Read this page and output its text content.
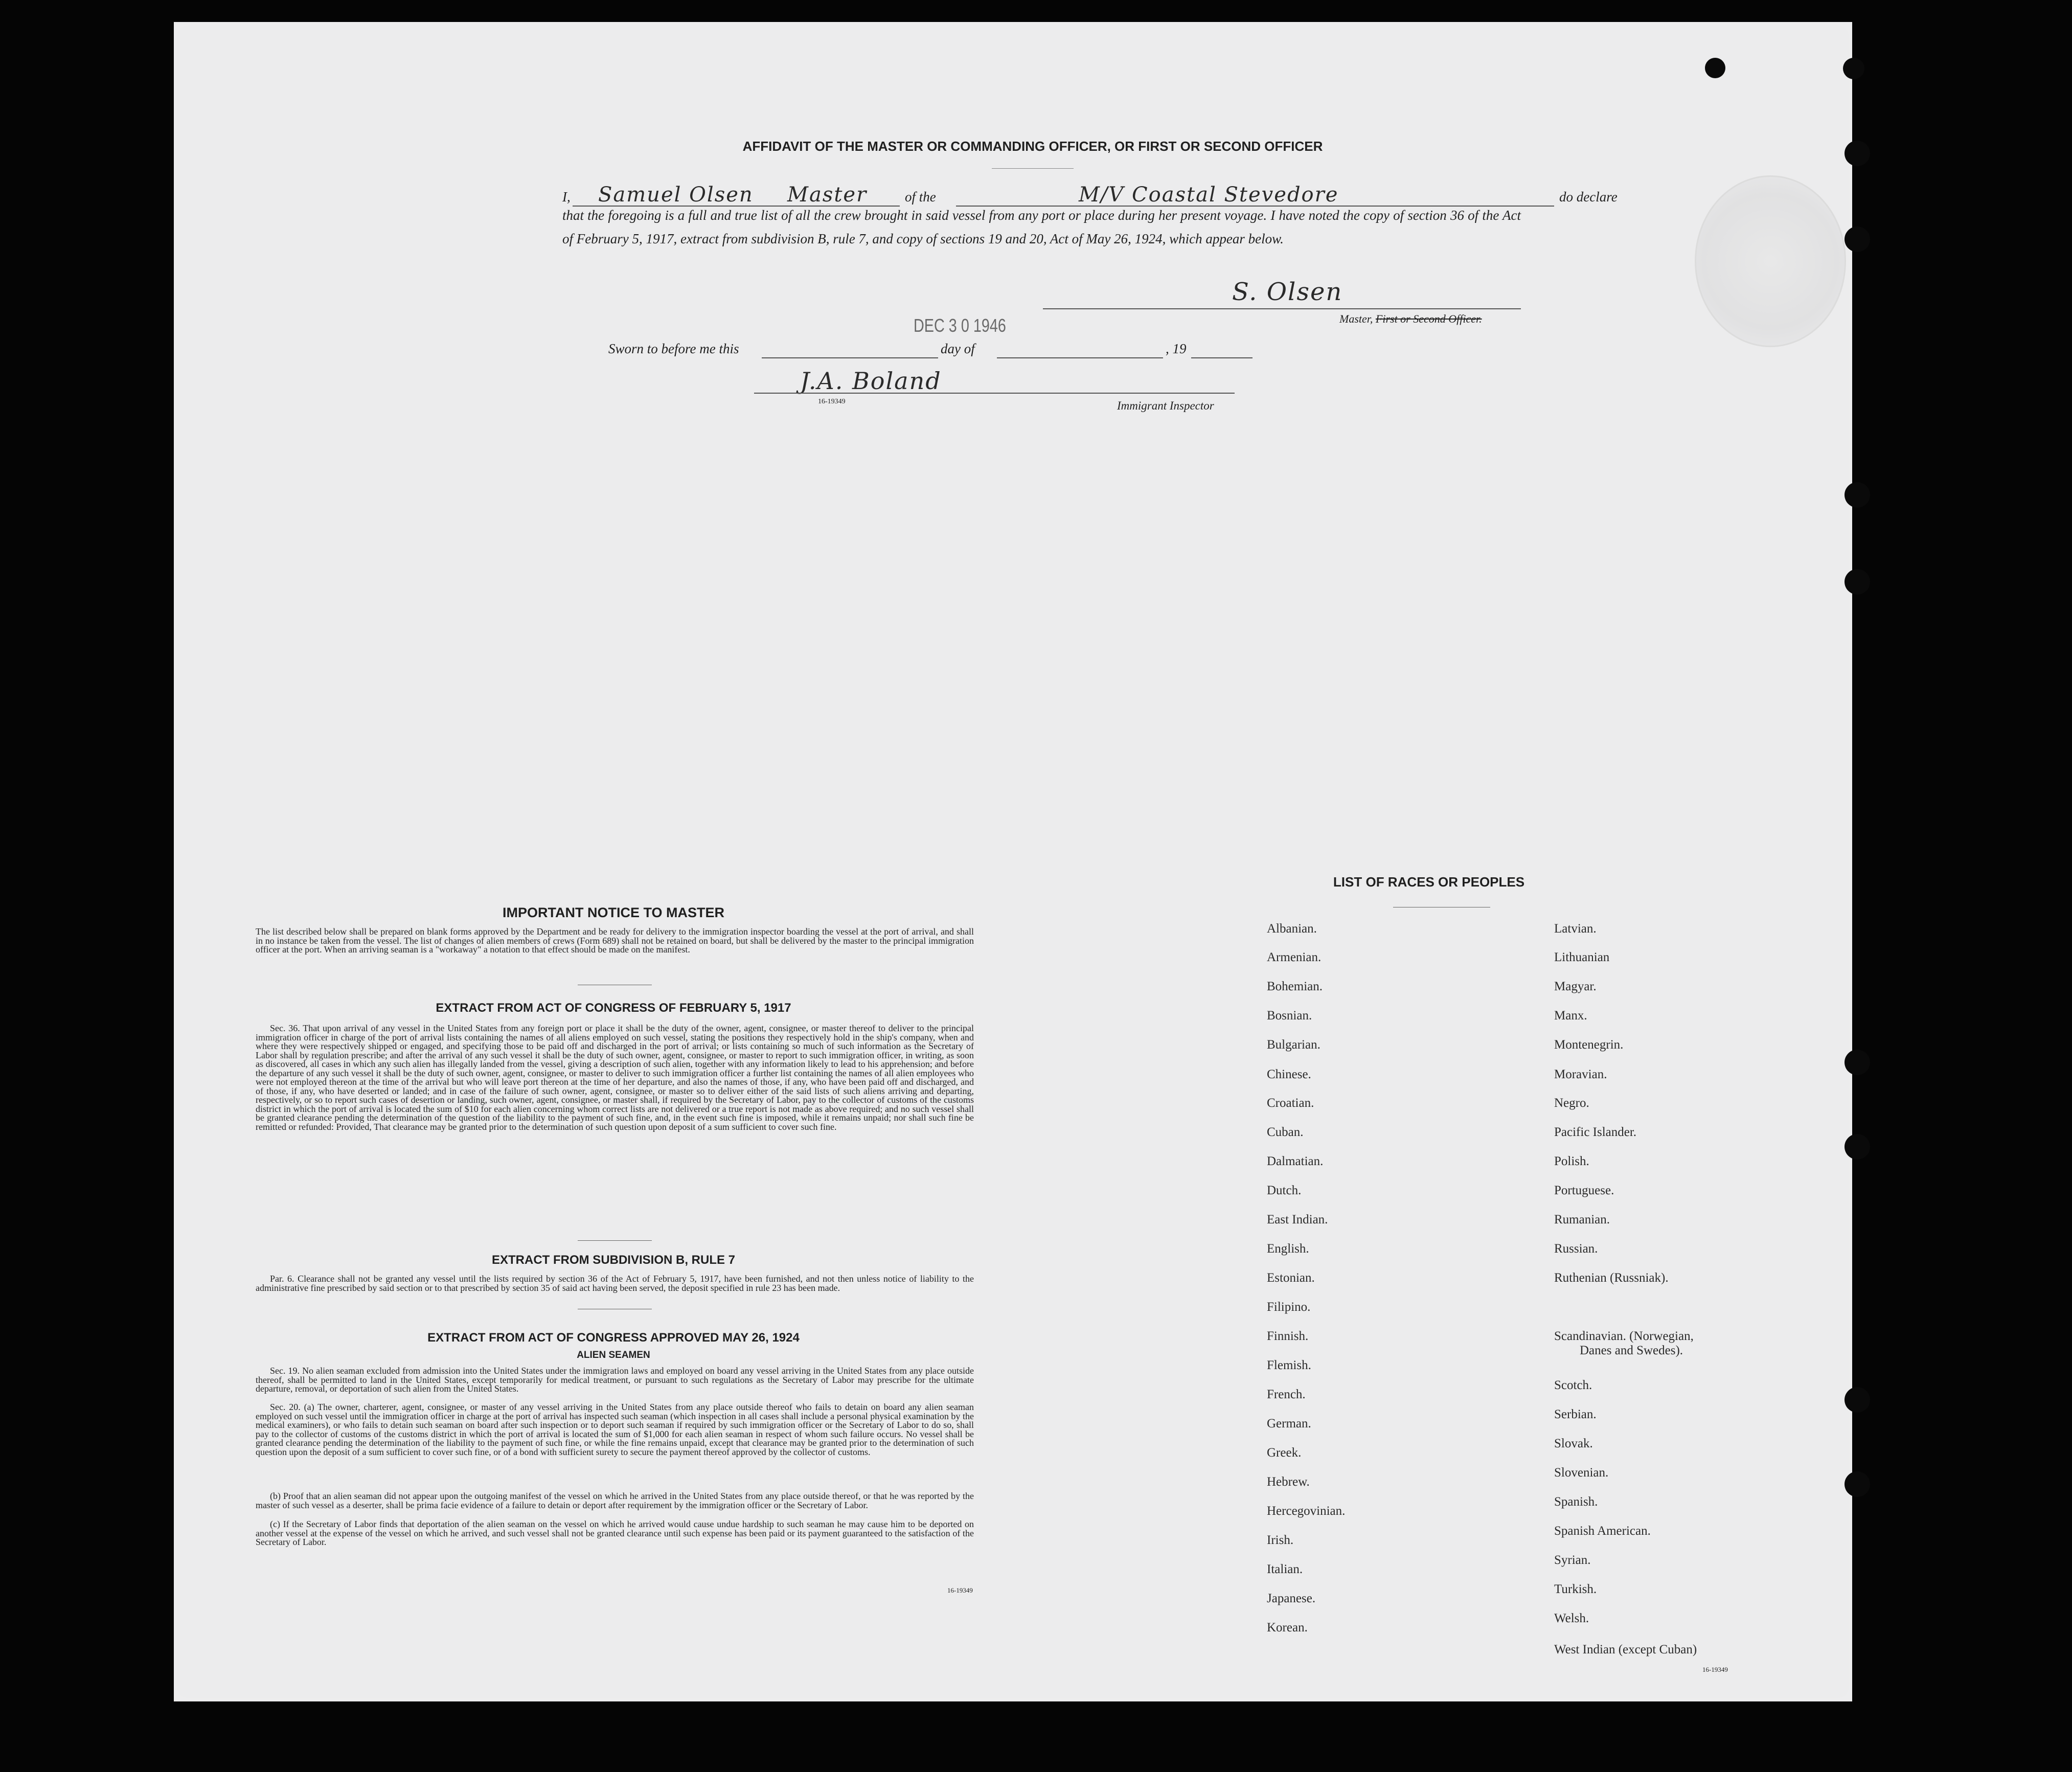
AFFIDAVIT OF THE MASTER OR COMMANDING OFFICER, OR FIRST OR SECOND OFFICER
I, Samuel Olsen Master	of the	M/V Coastal Stevedore	do declare
that the foregoing is a full and true list of all the crew brought in said vessel from any port or place during her present voyage. I have noted the copy of section 36 of the Act of February 5, 1917, extract from subdivision B, rule 7, and copy of sections 19 and 20, Act of May 26, 1924, which appear below.
S. Olsen
Master, First or Second Officer.
DEC 3 0 1946
Sworn to before me this	day of	, 19
J.A. Boland
16-19349	Immigrant Inspector
IMPORTANT NOTICE TO MASTER
The list described below shall be prepared on blank forms approved by the Department and be ready for delivery to the immigration inspector boarding the vessel at the port of arrival, and shall in no instance be taken from the vessel. The list of changes of alien members of crews (Form 689) shall not be retained on board, but shall be delivered by the master to the principal immigration officer at the port. When an arriving seaman is a "workaway" a notation to that effect should be made on the manifest.
EXTRACT FROM ACT OF CONGRESS OF FEBRUARY 5, 1917
Sec. 36. That upon arrival of any vessel in the United States from any foreign port or place it shall be the duty of the owner, agent, consignee, or master thereof to deliver to the principal immigration officer in charge of the port of arrival lists containing the names of all aliens employed on such vessel, stating the positions they respectively hold in the ship's company, when and where they were respectively shipped or engaged, and specifying those to be paid off and discharged in the port of arrival; or lists containing so much of such information as the Secretary of Labor shall by regulation prescribe; and after the arrival of any such vessel it shall be the duty of such owner, agent, consignee, or master to report to such immigration officer, in writing, as soon as discovered, all cases in which any such alien has illegally landed from the vessel, giving a description of such alien, together with any information likely to lead to his apprehension; and before the departure of any such vessel it shall be the duty of such owner, agent, consignee, or master to deliver to such immigration officer a further list containing the names of all alien employees who were not employed thereon at the time of the arrival but who will leave port thereon at the time of her departure, and also the names of those, if any, who have been paid off and discharged, and of those, if any, who have deserted or landed; and in case of the failure of such owner, agent, consignee, or master so to deliver either of the said lists of such aliens arriving and departing, respectively, or so to report such cases of desertion or landing, such owner, agent, consignee, or master shall, if required by the Secretary of Labor, pay to the collector of customs of the customs district in which the port of arrival is located the sum of $10 for each alien concerning whom correct lists are not delivered or a true report is not made as above required; and no such vessel shall be granted clearance pending the determination of the question of the liability to the payment of such fine, and, in the event such fine is imposed, while it remains unpaid; nor shall such fine be remitted or refunded: Provided, That clearance may be granted prior to the determination of such question upon deposit of a sum sufficient to cover such fine.
EXTRACT FROM SUBDIVISION B, RULE 7
Par. 6. Clearance shall not be granted any vessel until the lists required by section 36 of the Act of February 5, 1917, have been furnished, and not then unless notice of liability to the administrative fine prescribed by said section or to that prescribed by section 35 of said act having been served, the deposit specified in rule 23 has been made.
EXTRACT FROM ACT OF CONGRESS APPROVED MAY 26, 1924
ALIEN SEAMEN
Sec. 19. No alien seaman excluded from admission into the United States under the immigration laws and employed on board any vessel arriving in the United States from any place outside thereof, shall be permitted to land in the United States, except temporarily for medical treatment, or pursuant to such regulations as the Secretary of Labor may prescribe for the ultimate departure, removal, or deportation of such alien from the United States.
Sec. 20. (a) The owner, charterer, agent, consignee, or master of any vessel arriving in the United States from any place outside thereof who fails to detain on board any alien seaman employed on such vessel until the immigration officer in charge at the port of arrival has inspected such seaman (which inspection in all cases shall include a personal physical examination by the medical examiners), or who fails to detain such seaman on board after such inspection or to deport such seaman if required by such immigration officer or the Secretary of Labor to do so, shall pay to the collector of customs of the customs district in which the port of arrival is located the sum of $1,000 for each alien seaman in respect of whom such failure occurs. No vessel shall be granted clearance pending the determination of the liability to the payment of such fine, or while the fine remains unpaid, except that clearance may be granted prior to the determination of such question upon the deposit of a sum sufficient to cover such fine, or of a bond with sufficient surety to secure the payment thereof approved by the collector of customs.
(b) Proof that an alien seaman did not appear upon the outgoing manifest of the vessel on which he arrived in the United States from any place outside thereof, or that he was reported by the master of such vessel as a deserter, shall be prima facie evidence of a failure to detain or deport after requirement by the immigration officer or the Secretary of Labor.
(c) If the Secretary of Labor finds that deportation of the alien seaman on the vessel on which he arrived would cause undue hardship to such seaman he may cause him to be deported on another vessel at the expense of the vessel on which he arrived, and such vessel shall not be granted clearance until such expense has been paid or its payment guaranteed to the satisfaction of the Secretary of Labor.
16-19349
LIST OF RACES OR PEOPLES
Albanian.
Armenian.
Bohemian.
Bosnian.
Bulgarian.
Chinese.
Croatian.
Cuban.
Dalmatian.
Dutch.
East Indian.
English.
Estonian.
Filipino.
Finnish.
Flemish.
French.
German.
Greek.
Hebrew.
Hercegovinian.
Irish.
Italian.
Japanese.
Korean.
Latvian.
Lithuanian
Magyar.
Manx.
Montenegrin.
Moravian.
Negro.
Pacific Islander.
Polish.
Portuguese.
Rumanian.
Russian.
Ruthenian (Russniak).
Scandinavian. (Norwegian,
Danes and Swedes).
Scotch.
Serbian.
Slovak.
Slovenian.
Spanish.
Spanish American.
Syrian.
Turkish.
Welsh.
West Indian (except Cuban)
16-19349
